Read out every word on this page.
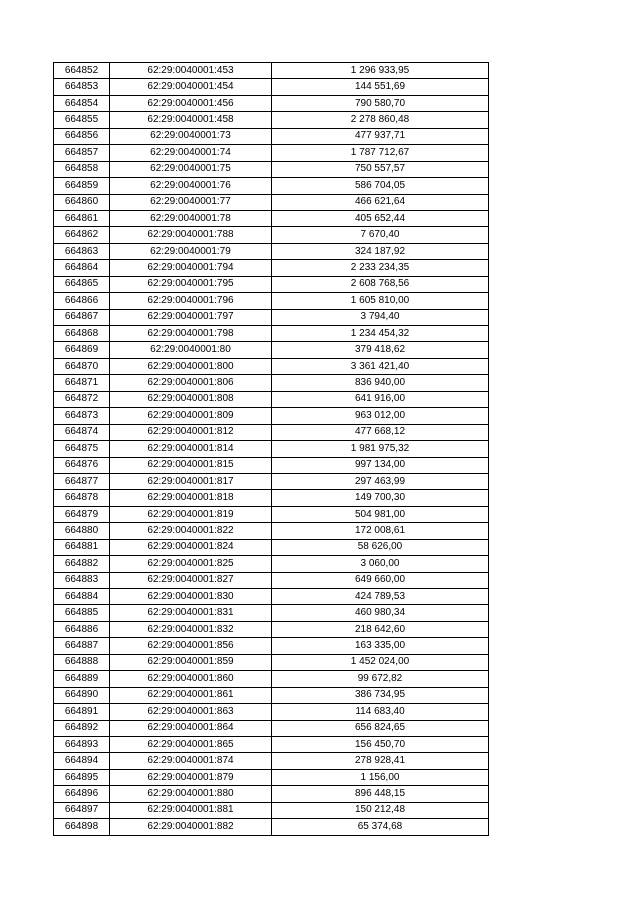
664852	62:29:0040001:453	1 296 933,95
664853	62:29:0040001:454	144 551,69
664854	62:29:0040001:456	790 580,70
664855	62:29:0040001:458	2 278 860,48
664856	62:29:0040001:73	477 937,71
664857	62:29:0040001:74	1 787 712,67
664858	62:29:0040001:75	750 557,57
664859	62:29:0040001:76	586 704,05
664860	62:29:0040001:77	466 621,64
664861	62:29:0040001:78	405 652,44
664862	62:29:0040001:788	7 670,40
664863	62:29:0040001:79	324 187,92
664864	62:29:0040001:794	2 233 234,35
664865	62:29:0040001:795	2 608 768,56
664866	62:29:0040001:796	1 605 810,00
664867	62:29:0040001:797	3 794,40
664868	62:29:0040001:798	1 234 454,32
664869	62:29:0040001:80	379 418,62
664870	62:29:0040001:800	3 361 421,40
664871	62:29:0040001:806	836 940,00
664872	62:29:0040001:808	641 916,00
664873	62:29:0040001:809	963 012,00
664874	62:29:0040001:812	477 668,12
664875	62:29:0040001:814	1 981 975,32
664876	62:29:0040001:815	997 134,00
664877	62:29:0040001:817	297 463,99
664878	62:29:0040001:818	149 700,30
664879	62:29:0040001:819	504 981,00
664880	62:29:0040001:822	172 008,61
664881	62:29:0040001:824	58 626,00
664882	62:29:0040001:825	3 060,00
664883	62:29:0040001:827	649 660,00
664884	62:29:0040001:830	424 789,53
664885	62:29:0040001:831	460 980,34
664886	62:29:0040001:832	218 642,60
664887	62:29:0040001:856	163 335,00
664888	62:29:0040001:859	1 452 024,00
664889	62:29:0040001:860	99 672,82
664890	62:29:0040001:861	386 734,95
664891	62:29:0040001:863	114 683,40
664892	62:29:0040001:864	656 824,65
664893	62:29:0040001:865	156 450,70
664894	62:29:0040001:874	278 928,41
664895	62:29:0040001:879	1 156,00
664896	62:29:0040001:880	896 448,15
664897	62:29:0040001:881	150 212,48
664898	62:29:0040001:882	65 374,68
